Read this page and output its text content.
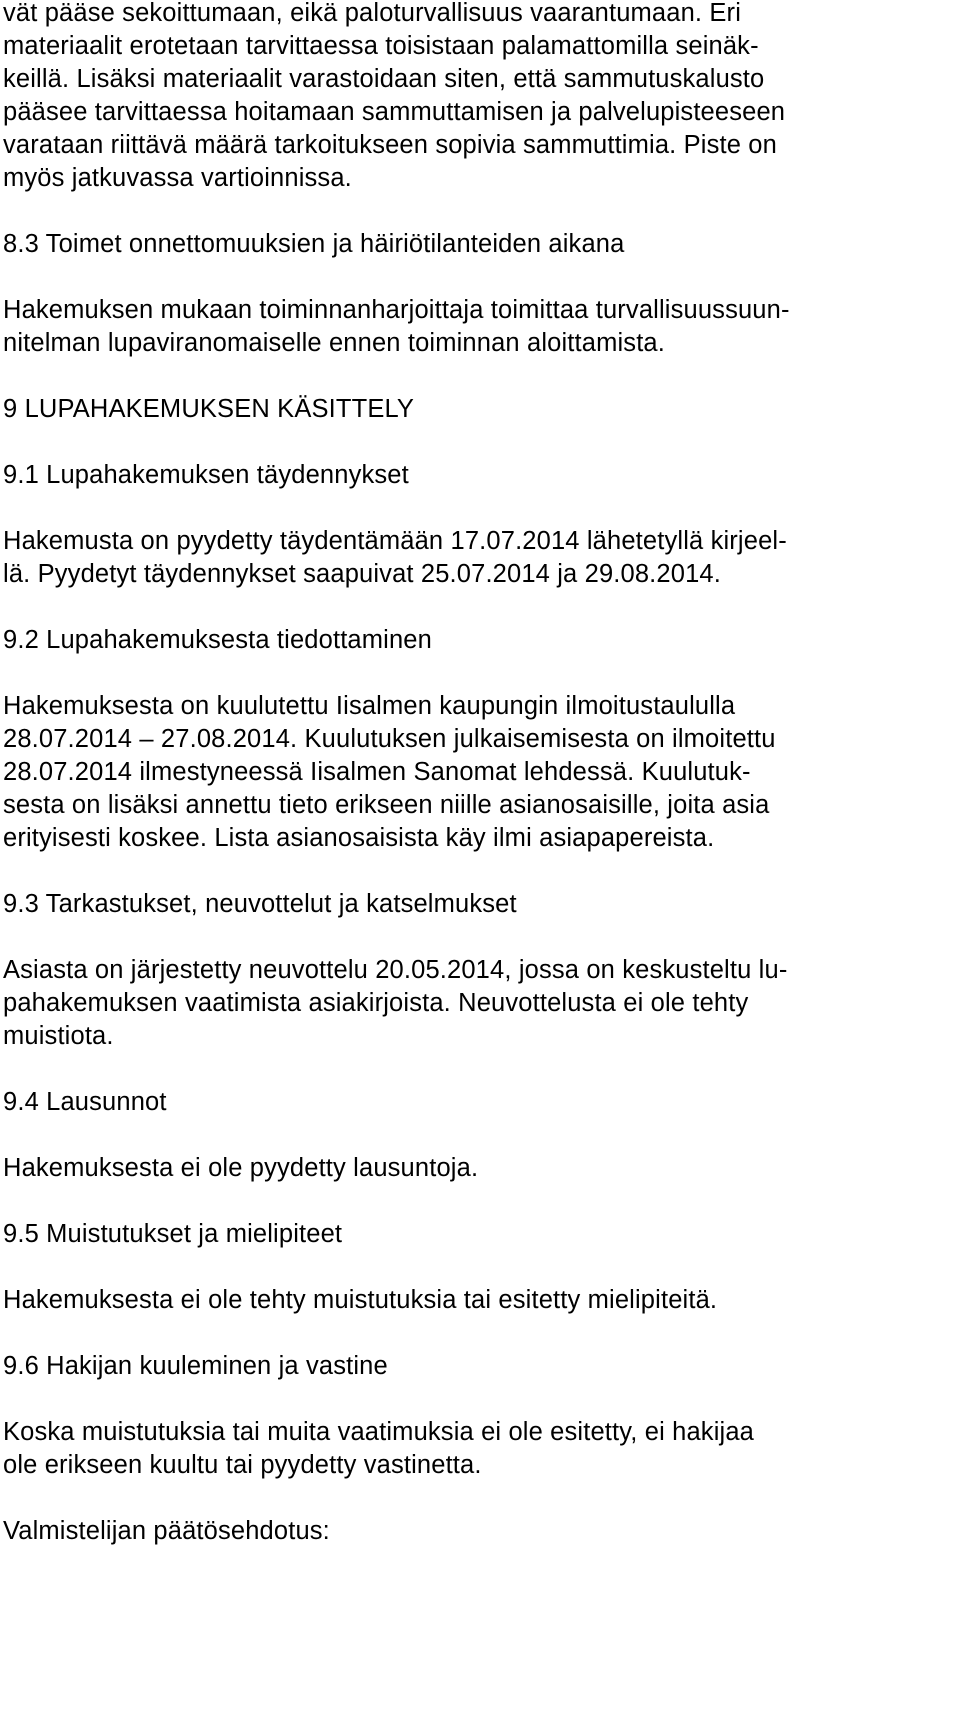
vät pääse sekoittumaan, eikä paloturvallisuus vaarantumaan. Eri
materiaalit erotetaan tarvittaessa toisistaan palamattomilla seinäk-
keillä. Lisäksi materiaalit varastoidaan siten, että sammutuskalusto
pääsee tarvittaessa hoitamaan sammuttamisen ja palvelupisteeseen
varataan riittävä määrä tarkoitukseen sopivia sammuttimia. Piste on
myös jatkuvassa vartioinnissa.
8.3 Toimet onnettomuuksien ja häiriötilanteiden aikana
Hakemuksen mukaan toiminnanharjoittaja toimittaa turvallisuussuun-
nitelman lupaviranomaiselle ennen toiminnan aloittamista.
9 LUPAHAKEMUKSEN KÄSITTELY
9.1 Lupahakemuksen täydennykset
Hakemusta on pyydetty täydentämään 17.07.2014 lähetetyllä kirjeel-
lä. Pyydetyt täydennykset saapuivat 25.07.2014 ja 29.08.2014.
9.2 Lupahakemuksesta tiedottaminen
Hakemuksesta on kuulutettu Iisalmen kaupungin ilmoitustaululla
28.07.2014 – 27.08.2014. Kuulutuksen julkaisemisesta on ilmoitettu
28.07.2014 ilmestyneessä Iisalmen Sanomat lehdessä. Kuulutuk-
sesta on lisäksi annettu tieto erikseen niille asianosaisille, joita asia
erityisesti koskee. Lista asianosaisista käy ilmi asiapapereista.
9.3 Tarkastukset, neuvottelut ja katselmukset
Asiasta on järjestetty neuvottelu 20.05.2014, jossa on keskusteltu lu-
pahakemuksen vaatimista asiakirjoista. Neuvottelusta ei ole tehty
muistiota.
9.4 Lausunnot
Hakemuksesta ei ole pyydetty lausuntoja.
9.5 Muistutukset ja mielipiteet
Hakemuksesta ei ole tehty muistutuksia tai esitetty mielipiteitä.
9.6 Hakijan kuuleminen ja vastine
Koska muistutuksia tai muita vaatimuksia ei ole esitetty, ei hakijaa
ole erikseen kuultu tai pyydetty vastinetta.
Valmistelijan päätösehdotus:
